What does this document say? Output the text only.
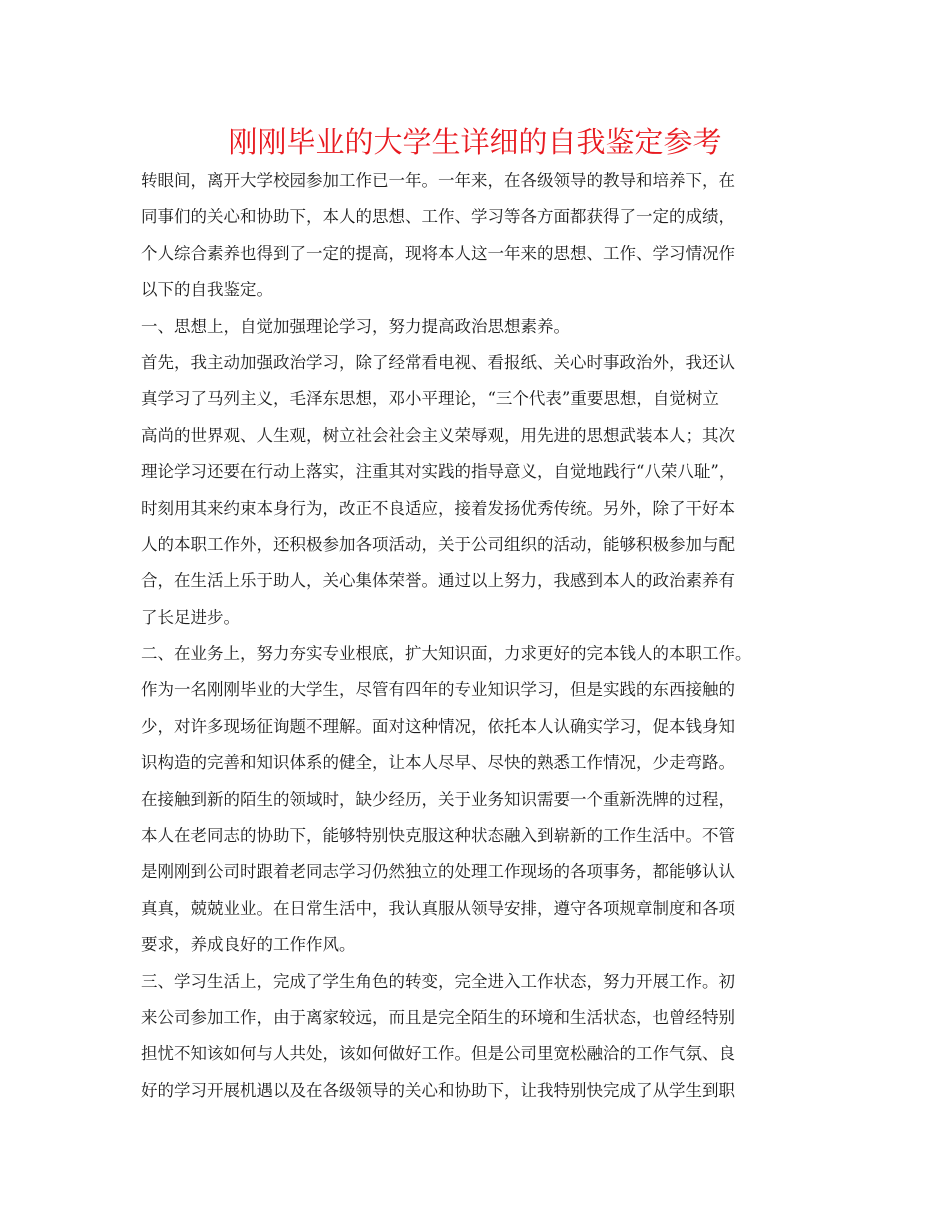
刚刚毕业的大学生详细的自我鉴定参考
转眼间，离开大学校园参加工作已一年。一年来，在各级领导的教导和培养下，在
同事们的关心和协助下，本人的思想、工作、学习等各方面都获得了一定的成绩，
个人综合素养也得到了一定的提高，现将本人这一年来的思想、工作、学习情况作
以下的自我鉴定。
一、思想上，自觉加强理论学习，努力提高政治思想素养。
首先，我主动加强政治学习，除了经常看电视、看报纸、关心时事政治外，我还认
真学习了马列主义，毛泽东思想，邓小平理论，“三个代表”重要思想，自觉树立
高尚的世界观、人生观，树立社会社会主义荣辱观，用先进的思想武装本人；其次
理论学习还要在行动上落实，注重其对实践的指导意义，自觉地践行“八荣八耻”，
时刻用其来约束本身行为，改正不良适应，接着发扬优秀传统。另外，除了干好本
人的本职工作外，还积极参加各项活动，关于公司组织的活动，能够积极参加与配
合，在生活上乐于助人，关心集体荣誉。通过以上努力，我感到本人的政治素养有
了长足进步。
二、在业务上，努力夯实专业根底，扩大知识面，力求更好的完本钱人的本职工作。
作为一名刚刚毕业的大学生，尽管有四年的专业知识学习，但是实践的东西接触的
少，对许多现场征询题不理解。面对这种情况，依托本人认确实学习，促本钱身知
识构造的完善和知识体系的健全，让本人尽早、尽快的熟悉工作情况，少走弯路。
在接触到新的陌生的领域时，缺少经历，关于业务知识需要一个重新洗牌的过程，
本人在老同志的协助下，能够特别快克服这种状态融入到崭新的工作生活中。不管
是刚刚到公司时跟着老同志学习仍然独立的处理工作现场的各项事务，都能够认认
真真，兢兢业业。在日常生活中，我认真服从领导安排，遵守各项规章制度和各项
要求，养成良好的工作作风。
三、学习生活上，完成了学生角色的转变，完全进入工作状态，努力开展工作。初
来公司参加工作，由于离家较远，而且是完全陌生的环境和生活状态，也曾经特别
担忧不知该如何与人共处，该如何做好工作。但是公司里宽松融洽的工作气氛、良
好的学习开展机遇以及在各级领导的关心和协助下，让我特别快完成了从学生到职
